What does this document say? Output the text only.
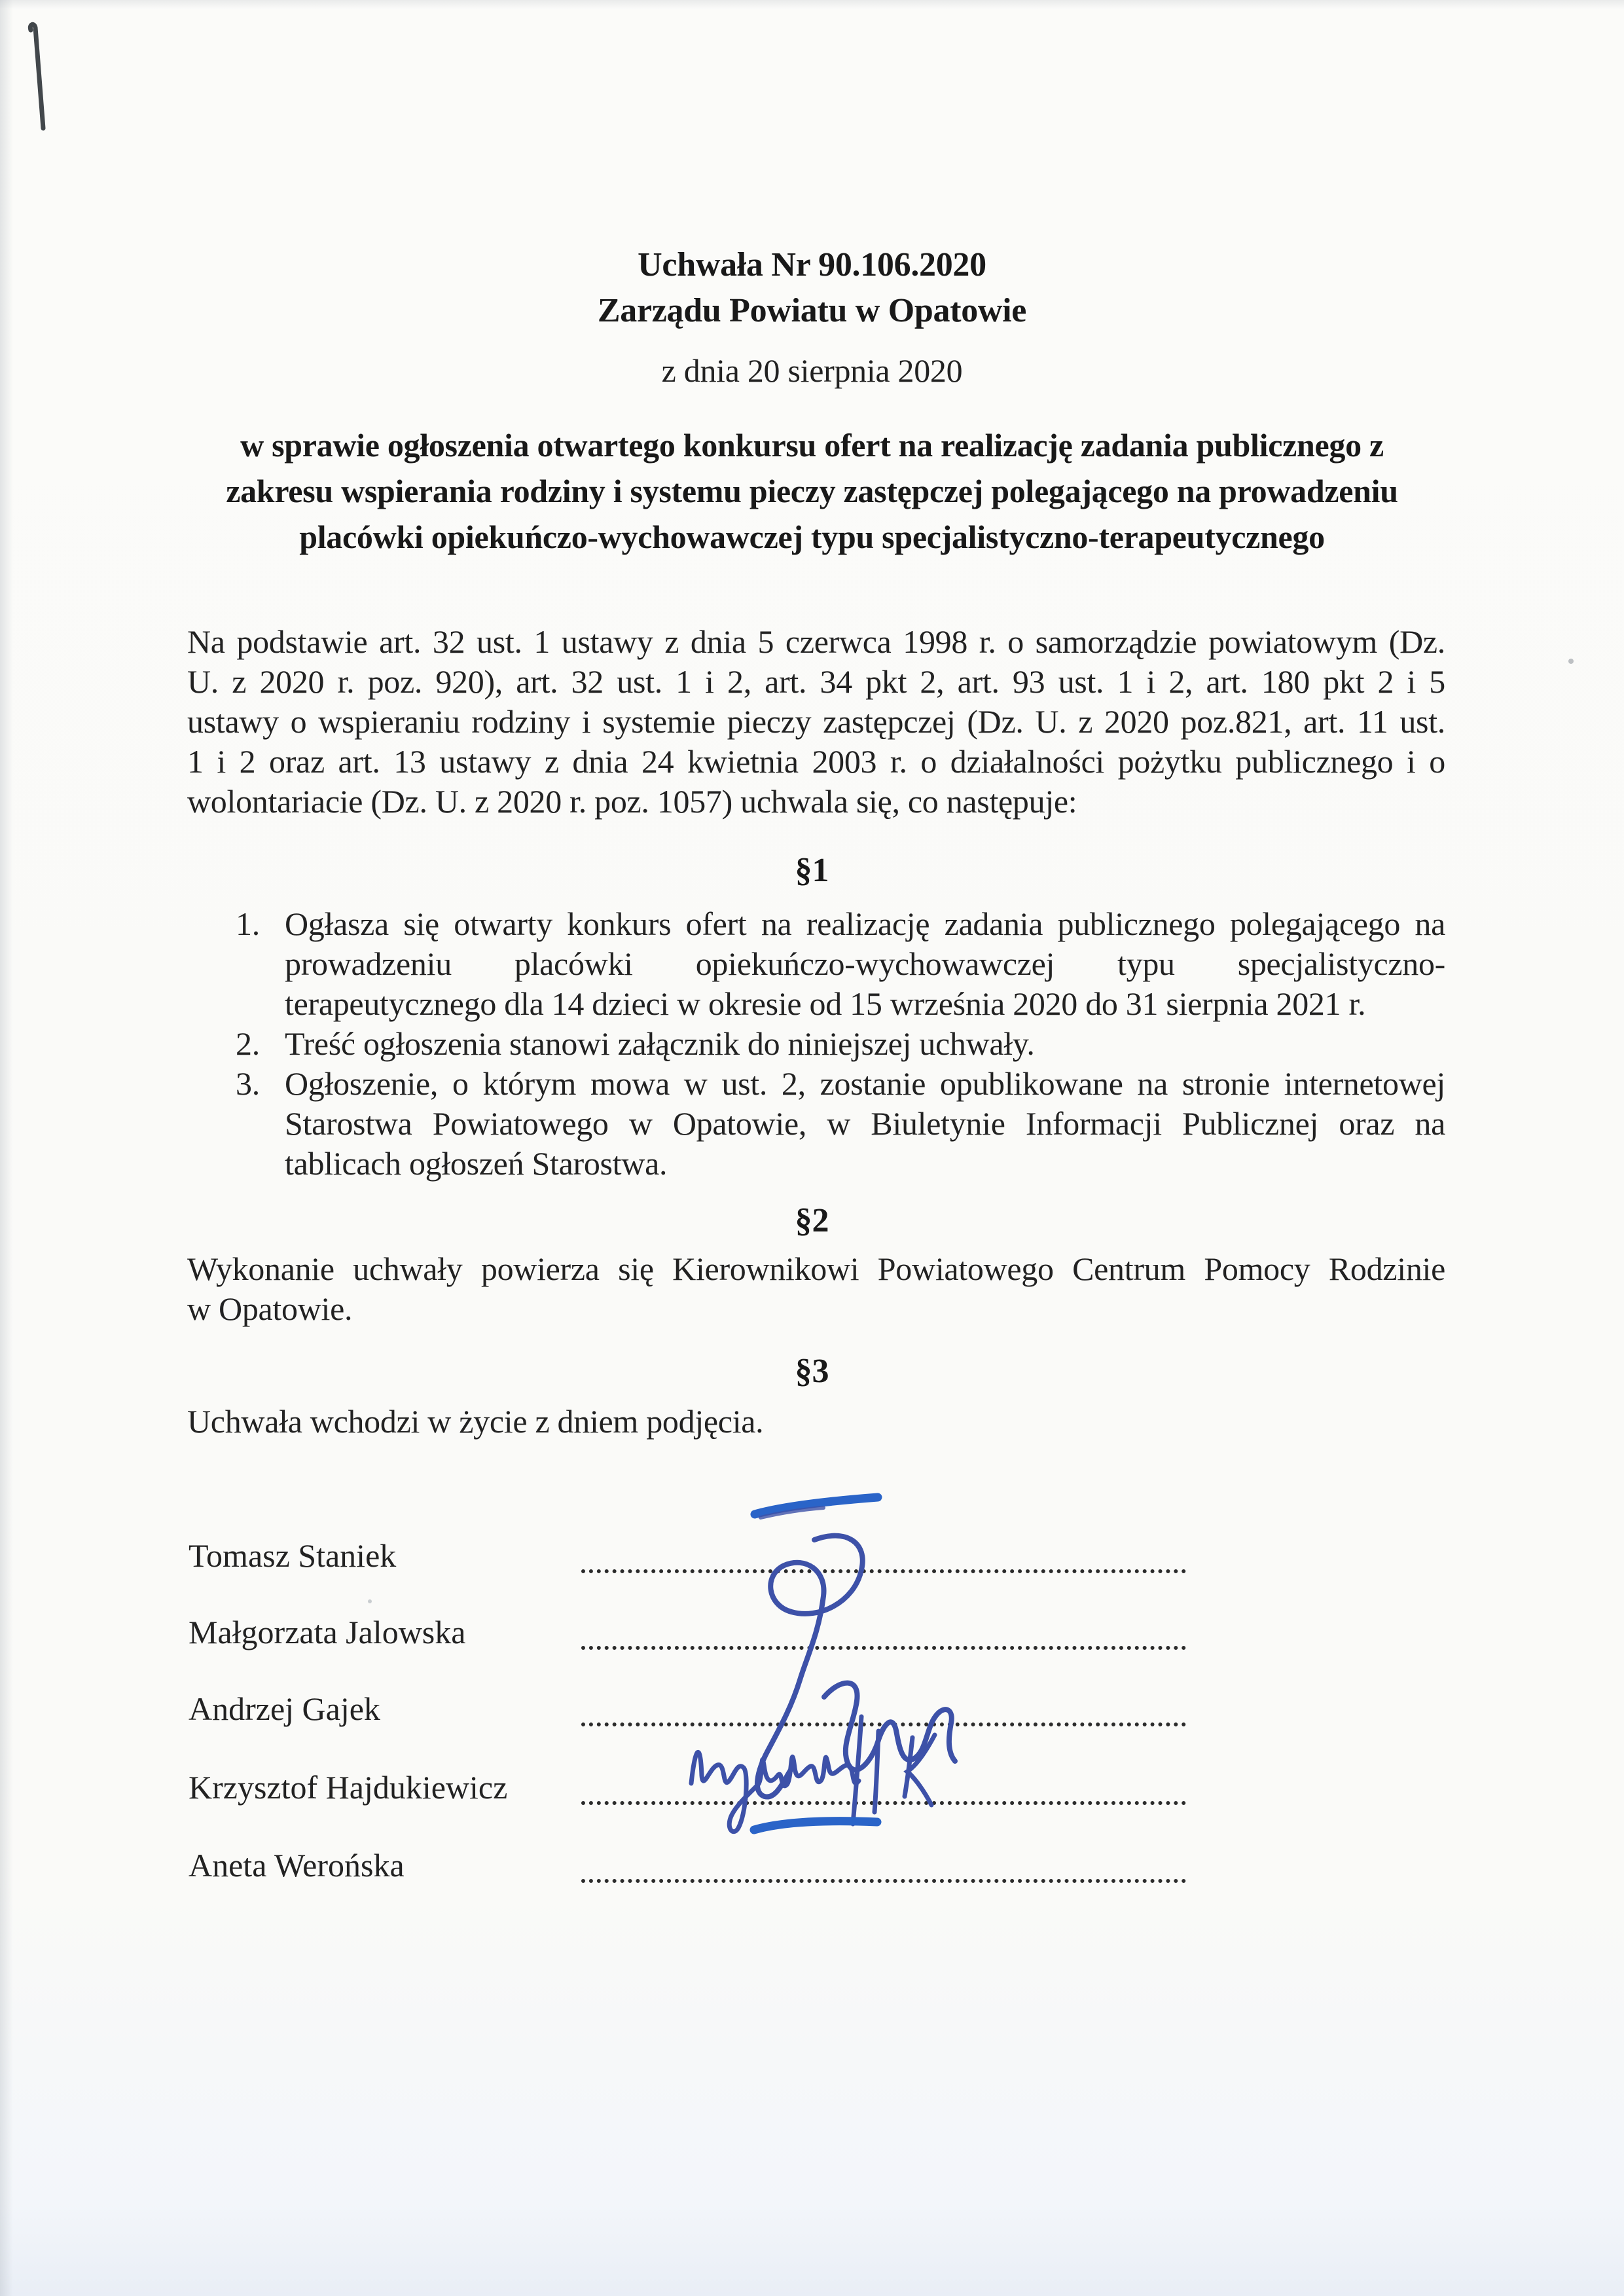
Uchwała Nr 90.106.2020
Zarządu Powiatu w Opatowie
z dnia 20 sierpnia 2020
w sprawie ogłoszenia otwartego konkursu ofert na realizację zadania publicznego z
zakresu wspierania rodziny i systemu pieczy zastępczej polegającego na prowadzeniu
placówki opiekuńczo-wychowawczej typu specjalistyczno-terapeutycznego
Na podstawie art. 32 ust. 1 ustawy z dnia 5 czerwca 1998 r. o samorządzie powiatowym (Dz.
U. z 2020 r. poz. 920), art. 32 ust. 1 i 2, art. 34 pkt 2, art. 93 ust. 1 i 2, art. 180 pkt 2 i 5
ustawy o wspieraniu rodziny i systemie pieczy zastępczej (Dz. U. z 2020 poz.821, art. 11 ust.
1 i 2 oraz art. 13 ustawy z dnia 24 kwietnia 2003 r. o działalności pożytku publicznego i o
wolontariacie (Dz. U. z 2020 r. poz. 1057) uchwala się, co następuje:
§1
1. Ogłasza się otwarty konkurs ofert na realizację zadania publicznego polegającego na
prowadzeniu placówki opiekuńczo-wychowawczej typu specjalistyczno-
terapeutycznego dla 14 dzieci w okresie od 15 września 2020 do 31 sierpnia 2021 r.
2. Treść ogłoszenia stanowi załącznik do niniejszej uchwały.
3. Ogłoszenie, o którym mowa w ust. 2, zostanie opublikowane na stronie internetowej
Starostwa Powiatowego w Opatowie, w Biuletynie Informacji Publicznej oraz na
tablicach ogłoszeń Starostwa.
§2
Wykonanie uchwały powierza się Kierownikowi Powiatowego Centrum Pomocy Rodzinie
w Opatowie.
§3
Uchwała wchodzi w życie z dniem podjęcia.
Tomasz Staniek
Małgorzata Jalowska
Andrzej Gajek
Krzysztof Hajdukiewicz
Aneta Werońska
